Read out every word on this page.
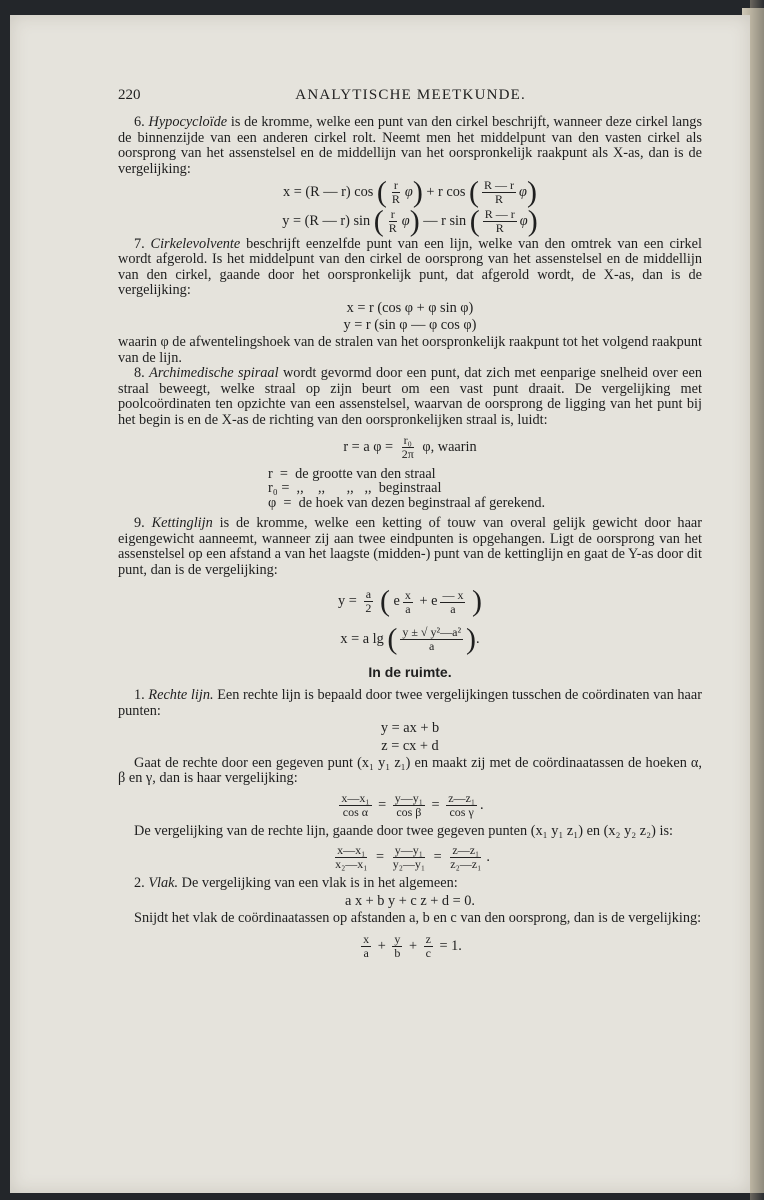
220	ANALYTISCHE MEETKUNDE.

6. Hypocycloïde is de kromme, welke een punt van den cirkel beschrijft, wanneer deze cirkel langs de binnenzijde van een anderen cirkel rolt. Neemt men het middelpunt van den vasten cirkel als oorsprong van het assenstelsel en de middellijn van het oorspronkelijk raakpunt als X-as, dan is de vergelijking:

x = (R — r) cos ( $\frac{r}{R} \varphi) + r$ cos ( $\frac{R — r}{R} \varphi$)
y = (R — r) sin ( $\frac{r}{R} \varphi$) — r sin ( $\frac{R — r}{R} \varphi$)

7. Cirkelevolvente beschrijft eenzelfde punt van een lijn, welke van den omtrek van een cirkel wordt afgerold. Is het middelpunt van den cirkel de oorsprong van het assenstelsel en de middellijn van den cirkel, gaande door het oorspronkelijk punt, dat afgerold wordt, de X-as, dan is de vergelijking:

x = r (cos φ + φ sin φ)
y = r (sin φ — φ cos φ)

waarin φ de afwentelingshoek van de stralen van het oorspronkelijk raakpunt tot het volgend raakpunt van de lijn.

8. Archimedische spiraal wordt gevormd door een punt, dat zich met eenparige snelheid over een straal beweegt, welke straal op zijn beurt om een vast punt draait. De vergelijking met poolcoördinaten ten opzichte van een assenstelsel, waarvan de oorsprong de ligging van het punt bij het begin is en de X-as de richting van den oorspronkelijken straal is, luidt:

r = a $\varphi = \frac{\text{r₀}}{2\pi} \varphi$, waarin
r  =  de grootte van den straal
r₀ =  ,,    ,,      ,,   ,,  beginstraal
φ  =  de hoek van dezen beginstraal af gerekend.

9. Kettinglijn is de kromme, welke een ketting of touw van overal gelijk gewicht door haar eigengewicht aanneemt, wanneer zij aan twee eindpunten is opgehangen. Ligt de oorsprong van het assenstelsel op een afstand a van het laagste (midden-) punt van de kettinglijn en gaat de Y-as door dit punt, dan is de vergelijking:

$y = \frac{a}{2}$ ( e $\frac{x}{a} + e \frac{— x}{a}$ )
x = a lg ( $\frac{\text{y ± √ y²—a²}}{a}$ ).
In de ruimte.

1. Rechte lijn. Een rechte lijn is bepaald door twee vergelijkingen tusschen de coördinaten van haar punten:

y = ax + b
z = cx + d

Gaat de rechte door een gegeven punt (x₁ y₁ z₁) en maakt zij met de coördinaatassen de hoeken α, β en γ, dan is haar vergelijking:

$\frac{\text{x—x₁}}{\text{cos α}} = \frac{\text{y—y₁}}{\text{cos β}} = \frac{\text{z—z₁}}{\text{cos γ}}$ .

De vergelijking van de rechte lijn, gaande door twee gegeven punten (x₁ y₁ z₁) en (x₂ y₂ z₂) is:

$\frac{\text{x—x₁}}{\text{x₂—x₁}} = \frac{\text{y—y₁}}{\text{y₂—y₁}} = \frac{\text{z—z₁}}{\text{z₂—z₁}}$ .

2. Vlak. De vergelijking van een vlak is in het algemeen:

a x + b y + c z + d = 0.

Snijdt het vlak de coördinaatassen op afstanden a, b en c van den oorsprong, dan is de vergelijking:

$\frac{x}{a} + \frac{y}{b} + \frac{z}{c} = 1$.
